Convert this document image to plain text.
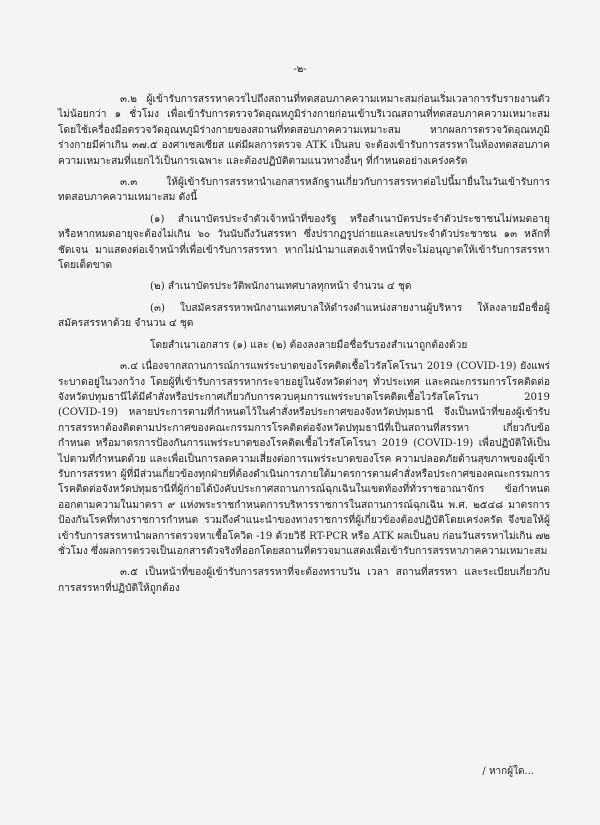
-๒-

๓.๒ ผู้เข้ารับการสรรหาควรไปถึงสถานที่ทดสอบภาคความเหมาะสมก่อนเริ่มเวลาการรับรายงานตัวไม่น้อยกว่า ๑ ชั่วโมง เพื่อเข้ารับการตรวจวัดอุณหภูมิร่างกายก่อนเข้าบริเวณสถานที่ทดสอบภาคความเหมาะสม โดยใช้เครื่องมือตรวจวัดอุณหภูมิร่างกายของสถานที่ทดสอบภาคความเหมาะสม หากผลการตรวจวัดอุณหภูมิร่างกายมีค่าเกิน ๓๗.๕ องศาเซลเซียส แต่มีผลการตรวจ ATK เป็นลบ จะต้องเข้ารับการสรรหาในห้องทดสอบภาคความเหมาะสมที่แยกไว้เป็นการเฉพาะ และต้องปฏิบัติตามแนวทางอื่นๆ ที่กำหนดอย่างเคร่งครัด

๓.๓ ให้ผู้เข้ารับการสรรหานำเอกสารหลักฐานเกี่ยวกับการสรรหาต่อไปนี้มายื่นในวันเข้ารับการทดสอบภาคความเหมาะสม ดังนี้

(๑) สำเนาบัตรประจำตัวเจ้าหน้าที่ของรัฐ หรือสำเนาบัตรประจำตัวประชาชนไม่หมดอายุ หรือหากหมดอายุจะต้องไม่เกิน ๖๐ วันนับถึงวันสรรหา ซึ่งปรากฏรูปถ่ายและเลขประจำตัวประชาชน ๑๓ หลักที่ชัดเจน มาแสดงต่อเจ้าหน้าที่เพื่อเข้ารับการสรรหา หากไม่นำมาแสดงเจ้าหน้าที่จะไม่อนุญาตให้เข้ารับการสรรหาโดยเด็ดขาด

(๒) สำเนาบัตรประวัติพนักงานเทศบาลทุกหน้า จำนวน ๔ ชุด

(๓) ใบสมัครสรรหาพนักงานเทศบาลให้ดำรงตำแหน่งสายงานผู้บริหาร ให้ลงลายมือชื่อผู้สมัครสรรหาด้วย จำนวน ๔ ชุด

โดยสำเนาเอกสาร (๑) และ (๒) ต้องลงลายมือชื่อรับรองสำเนาถูกต้องด้วย

๓.๔ เนื่องจากสถานการณ์การแพร่ระบาดของโรคติดเชื้อไวรัสโคโรนา 2019 (COVID-19) ยังแพร่ระบาดอยู่ในวงกว้าง โดยผู้ที่เข้ารับการสรรหากระจายอยู่ในจังหวัดต่างๆ ทั่วประเทศ และคณะกรรมการโรคติดต่อจังหวัดปทุมธานีได้มีคำสั่งหรือประกาศเกี่ยวกับการควบคุมการแพร่ระบาดโรคติดเชื้อไวรัสโคโรนา 2019 (COVID-19) หลายประการตามที่กำหนดไว้ในคำสั่งหรือประกาศของจังหวัดปทุมธานี จึงเป็นหน้าที่ของผู้เข้ารับการสรรหาต้องติดตามประกาศของคณะกรรมการโรคติดต่อจังหวัดปทุมธานีที่เป็นสถานที่สรรหา เกี่ยวกับข้อกำหนด หรือมาตรการป้องกันการแพร่ระบาดของโรคติดเชื้อไวรัสโคโรนา 2019 (COVID-19) เพื่อปฏิบัติให้เป็นไปตามที่กำหนดด้วย และเพื่อเป็นการลดความเสี่ยงต่อการแพร่ระบาดของโรค ความปลอดภัยด้านสุขภาพของผู้เข้ารับการสรรหา ผู้ที่มีส่วนเกี่ยวข้องทุกฝ่ายที่ต้องดำเนินการภายใต้มาตรการตามคำสั่งหรือประกาศของคณะกรรมการโรคติดต่อจังหวัดปทุมธานีที่ผู้ก่ายได้บังคับประกาศสถานการณ์ฉุกเฉินในเขตท้องที่ทั่วราชอาณาจักร ข้อกำหนดออกตามความในมาตรา ๙ แห่งพระราชกำหนดการบริหารราชการในสถานการณ์ฉุกเฉิน พ.ศ. ๒๕๔๘ มาตรการป้องกันโรคที่ทางราชการกำหนด รวมถึงคำแนะนำของทางราชการที่ผู้เกี่ยวข้องต้องปฏิบัติโดยเคร่งครัด จึงขอให้ผู้เข้ารับการสรรหานำผลการตรวจหาเชื้อโควิด -19 ด้วยวิธี RT-PCR หรือ ATK ผลเป็นลบ ก่อนวันสรรหาไม่เกิน ๗๒ ชั่วโมง ซึ่งผลการตรวจเป็นเอกสารตัวจริงที่ออกโดยสถานที่ตรวจมาแสดงเพื่อเข้ารับการสรรหาภาคความเหมาะสม

๓.๕ เป็นหน้าที่ของผู้เข้ารับการสรรหาที่จะต้องทราบวัน เวลา สถานที่สรรหา และระเบียบเกี่ยวกับการสรรหาที่ปฏิบัติให้ถูกต้อง

/ หากผู้ใด...
